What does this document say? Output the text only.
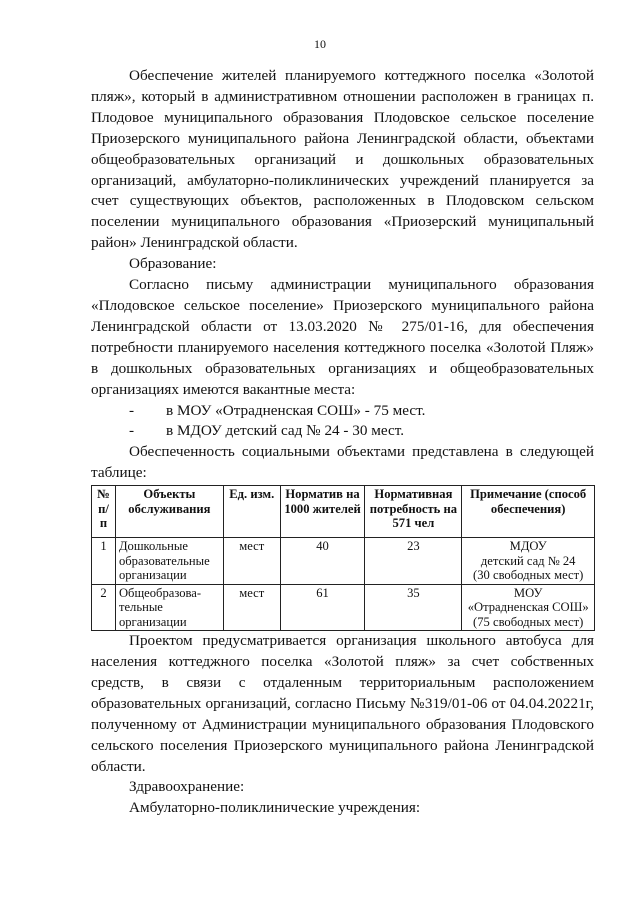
10

Обеспечение жителей планируемого коттеджного поселка «Золотой пляж», который в административном отношении расположен в границах п. Плодовое муниципального образования Плодовское сельское поселение Приозерского муниципального района Ленинградской области, объектами общеобразовательных организаций и дошкольных образовательных организаций, амбулаторно-поликлинических учреждений планируется за счет существующих объектов, расположенных в Плодовском сельском поселении муниципального образования «Приозерский муниципальный район» Ленинградской области.

Образование:

Согласно письму администрации муниципального образования «Плодовское сельское поселение» Приозерского муниципального района Ленинградской области от 13.03.2020 № 275/01-16, для обеспечения потребности планируемого населения коттеджного поселка «Золотой Пляж» в дошкольных образовательных организациях и общеобразовательных организациях имеются вакантные места:

-	в МОУ «Отрадненская СОШ» - 75 мест.
-	в МДОУ детский сад № 24 - 30 мест.

Обеспеченность социальными объектами представлена в следующей таблице:

№ п/ п	Объекты обслуживания	Ед. изм.	Норматив на 1000 жителей	Нормативная потребность на 571 чел	Примечание (способ обеспечения)
1	Дошкольные образовательные организации	мест	40	23	МДОУ
детский сад № 24
(30 свободных мест)

2	Общеобразова-тельные организации	мест	61	35	МОУ
«Отрадненская СОШ»
(75 свободных мест)

Проектом предусматривается организация школьного автобуса для населения коттеджного поселка «Золотой пляж» за счет собственных средств, в связи с отдаленным территориальным расположением образовательных организаций, согласно Письму №319/01-06 от 04.04.20221г, полученному от Администрации муниципального образования Плодовского сельского поселения Приозерского муниципального района Ленинградской области.

Здравоохранение:

Амбулаторно-поликлинические учреждения:
